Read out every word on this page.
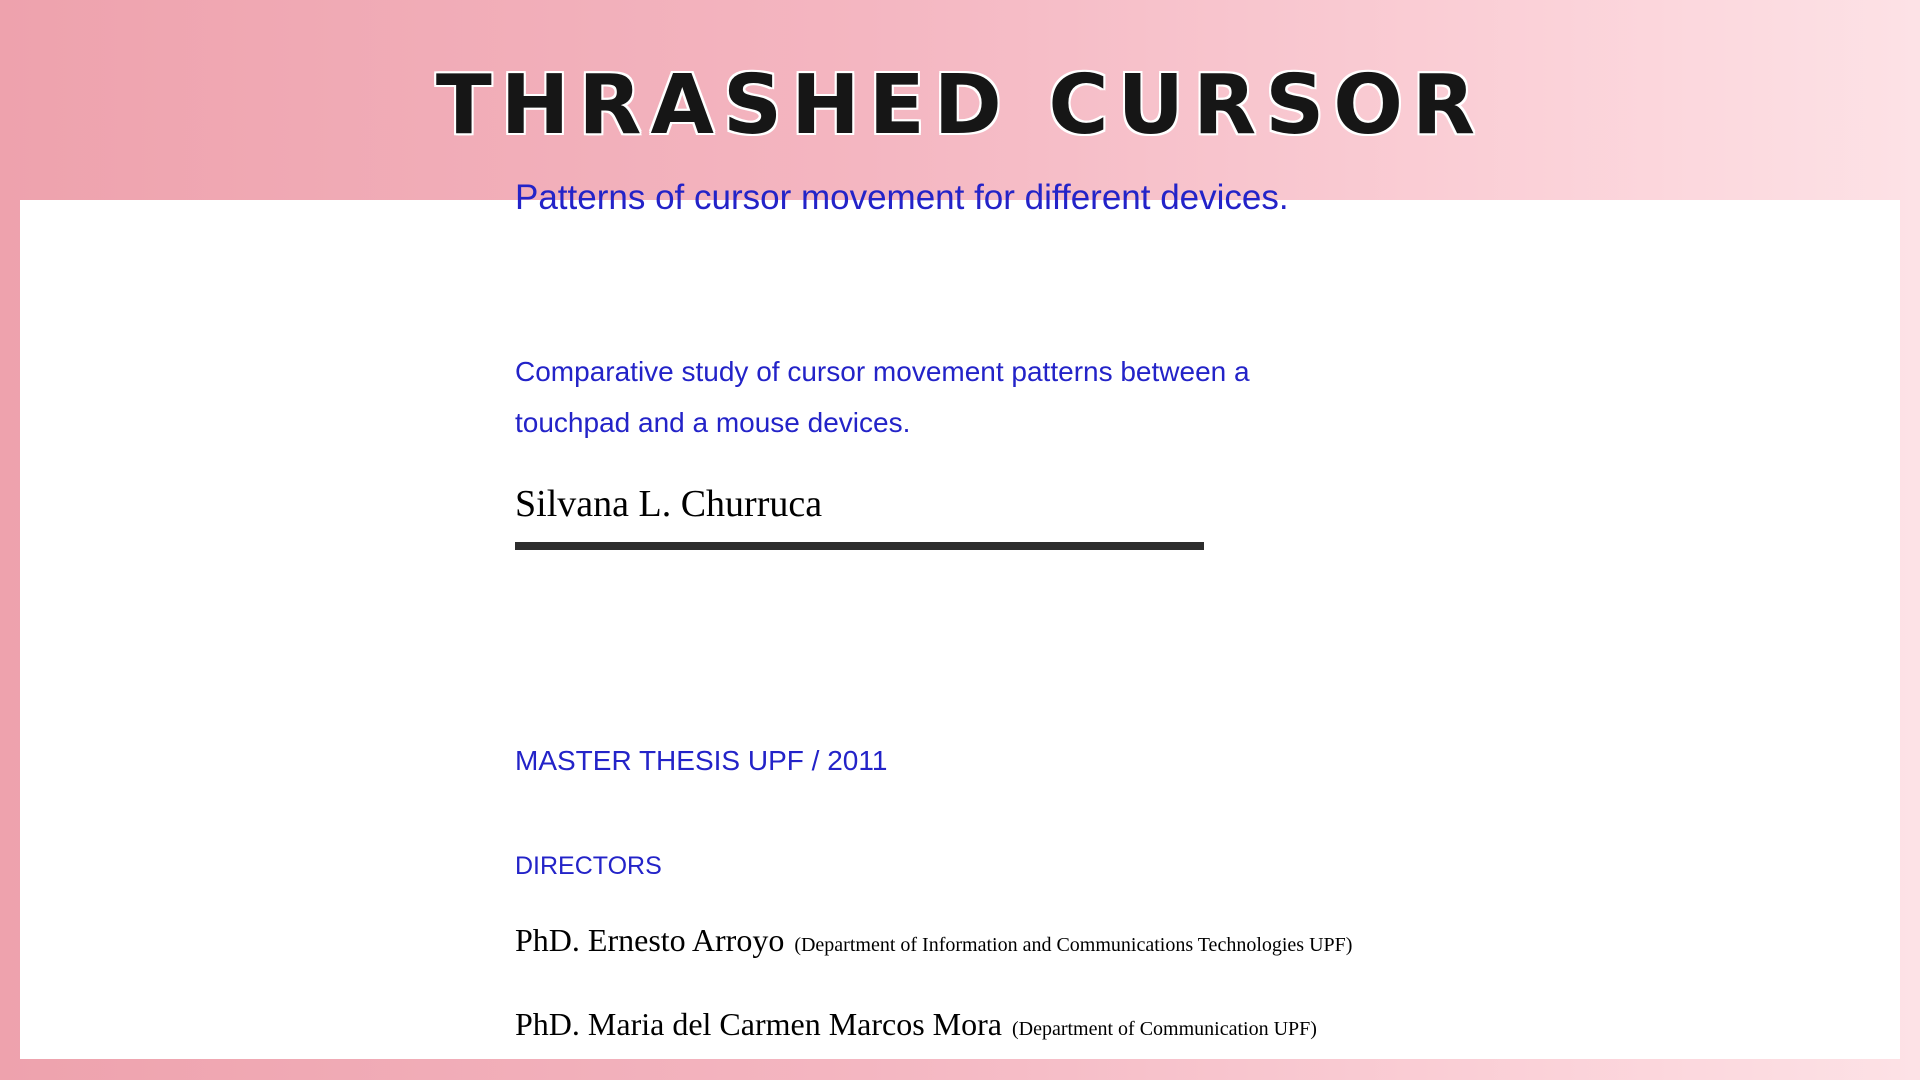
THRASHED CURSOR
Patterns of cursor movement for different devices.
Comparative study of cursor movement patterns between a touchpad and a mouse devices.
Silvana L. Churruca
MASTER THESIS UPF / 2011
DIRECTORS
PhD. Ernesto Arroyo (Department of Information and Communications Technologies UPF)
PhD. Maria del Carmen Marcos Mora (Department of Communication UPF)
